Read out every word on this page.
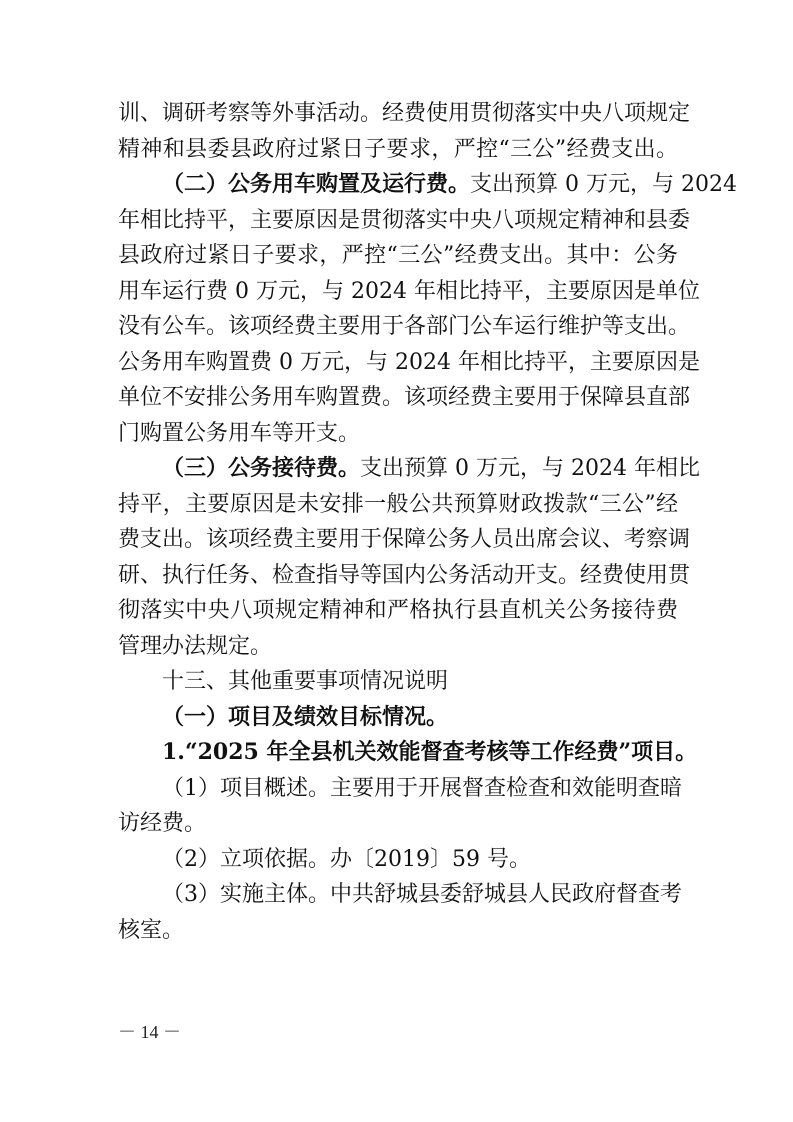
训、调研考察等外事活动。经费使用贯彻落实中央八项规定
精神和县委县政府过紧日子要求，严控“三公”经费支出。
（二）公务用车购置及运行费。支出预算 0 万元，与 2024
年相比持平，主要原因是贯彻落实中央八项规定精神和县委
县政府过紧日子要求，严控“三公”经费支出。其中：公务
用车运行费 0 万元，与 2024 年相比持平，主要原因是单位
没有公车。该项经费主要用于各部门公车运行维护等支出。
公务用车购置费 0 万元，与 2024 年相比持平，主要原因是
单位不安排公务用车购置费。该项经费主要用于保障县直部
门购置公务用车等开支。
（三）公务接待费。支出预算 0 万元，与 2024 年相比
持平，主要原因是未安排一般公共预算财政拨款“三公”经
费支出。该项经费主要用于保障公务人员出席会议、考察调
研、执行任务、检查指导等国内公务活动开支。经费使用贯
彻落实中央八项规定精神和严格执行县直机关公务接待费
管理办法规定。
十三、其他重要事项情况说明
（一）项目及绩效目标情况。
1.“2025 年全县机关效能督查考核等工作经费”项目。
（1）项目概述。主要用于开展督查检查和效能明查暗
访经费。
（2）立项依据。办〔2019〕59 号。
（3）实施主体。中共舒城县委舒城县人民政府督查考
核室。
－ 14 －
